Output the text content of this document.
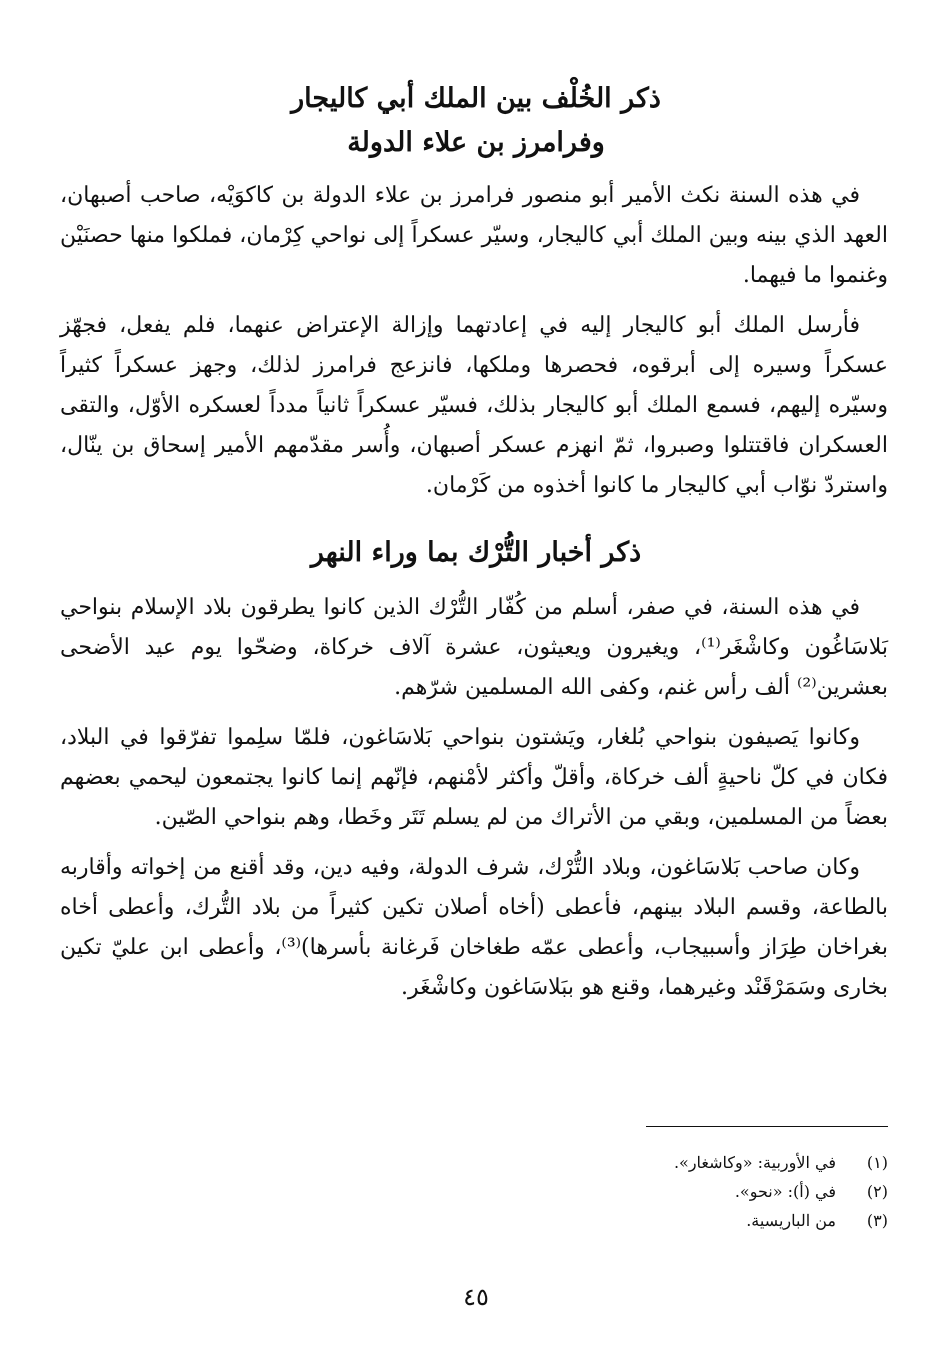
ذكر الخُلْف بين الملك أبي كاليجار
وفرامرز بن علاء الدولة

في هذه السنة نكث الأمير أبو منصور فرامرز بن علاء الدولة بن كاكوَيْه، صاحب أصبهان، العهد الذي بينه وبين الملك أبي كاليجار، وسيّر عسكراً إلى نواحي كِرْمان، فملكوا منها حصنَيْن وغنموا ما فيهما.

فأرسل الملك أبو كاليجار إليه في إعادتهما وإزالة الإعتراض عنهما، فلم يفعل، فجهّز عسكراً وسيره إلى أبرقوه، فحصرها وملكها، فانزعج فرامرز لذلك، وجهز عسكراً كثيراً وسيّره إليهم، فسمع الملك أبو كاليجار بذلك، فسيّر عسكراً ثانياً مدداً لعسكره الأوّل، والتقى العسكران فاقتتلوا وصبروا، ثمّ انهزم عسكر أصبهان، وأُسر مقدّمهم الأمير إسحاق بن ينّال، واستردّ نوّاب أبي كاليجار ما كانوا أخذوه من كَرْمان.

ذكر أخبار التُّرْك بما وراء النهر

في هذه السنة، في صفر، أسلم من كُفّار التُّرْك الذين كانوا يطرقون بلاد الإسلام بنواحي بَلاسَاغُون وكاشْغَر⁽¹⁾، ويغيرون ويعيثون، عشرة آلاف خركاة، وضحّوا يوم عيد الأضحى بعشرين⁽²⁾ ألف رأس غنم، وكفى الله المسلمين شرّهم.

وكانوا يَصيفون بنواحي بُلغار، ويَشتون بنواحي بَلاسَاغون، فلمّا سلِموا تفرّقوا في البلاد، فكان في كلّ ناحيةٍ ألف خركاة، وأقلّ وأكثر لأمْنهم، فإنّهم إنما كانوا يجتمعون ليحمي بعضهم بعضاً من المسلمين، وبقي من الأتراك من لم يسلم تَتَر وخَطا، وهم بنواحي الصّين.

وكان صاحب بَلاسَاغون، وبلاد التُّرْك، شرف الدولة، وفيه دين، وقد أقنع من إخواته وأقاربه بالطاعة، وقسم البلاد بينهم، فأعطى (أخاه أصلان تكين كثيراً من بلاد التُّرك، وأعطى أخاه بغراخان طِرَاز وأسبيجاب، وأعطى عمّه طغاخان فَرغانة بأسرها)⁽³⁾، وأعطى ابن عليّ تكين بخارى وسَمَرْقَنْد وغيرهما، وقنع هو ببَلاسَاغون وكاشْغَر.

(١)
في الأوربية: «وكاشغار».
(٢)
في (أ): «نحو».
(٣)
من الباريسية.
٤٥
